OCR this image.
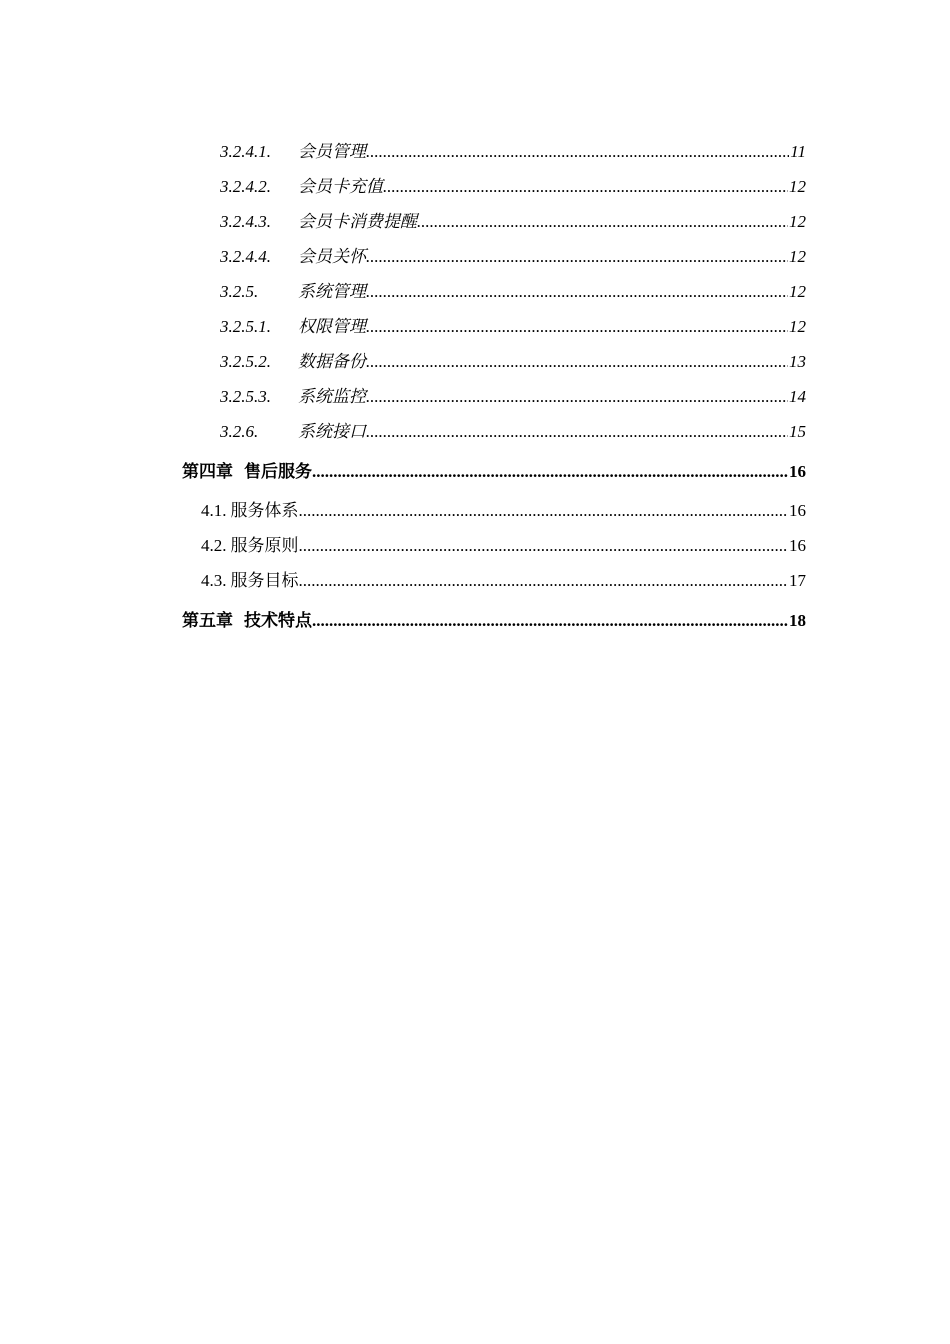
3.2.4.1.	会员管理 .....	11
3.2.4.2.	会员卡充值 .....	12
3.2.4.3.	会员卡消费提醒 .....	12
3.2.4.4.	会员关怀 .....	12
3.2.5.	系统管理 .....	12
3.2.5.1.	权限管理 .....	12
3.2.5.2.	数据备份 .....	13
3.2.5.3.	系统监控 .....	14
3.2.6.	系统接口 .....	15
第四章 售后服务 .....	16
4.1. 服务体系 .....	16
4.2. 服务原则 .....	16
4.3. 服务目标 .....	17
第五章 技术特点 .....	18
